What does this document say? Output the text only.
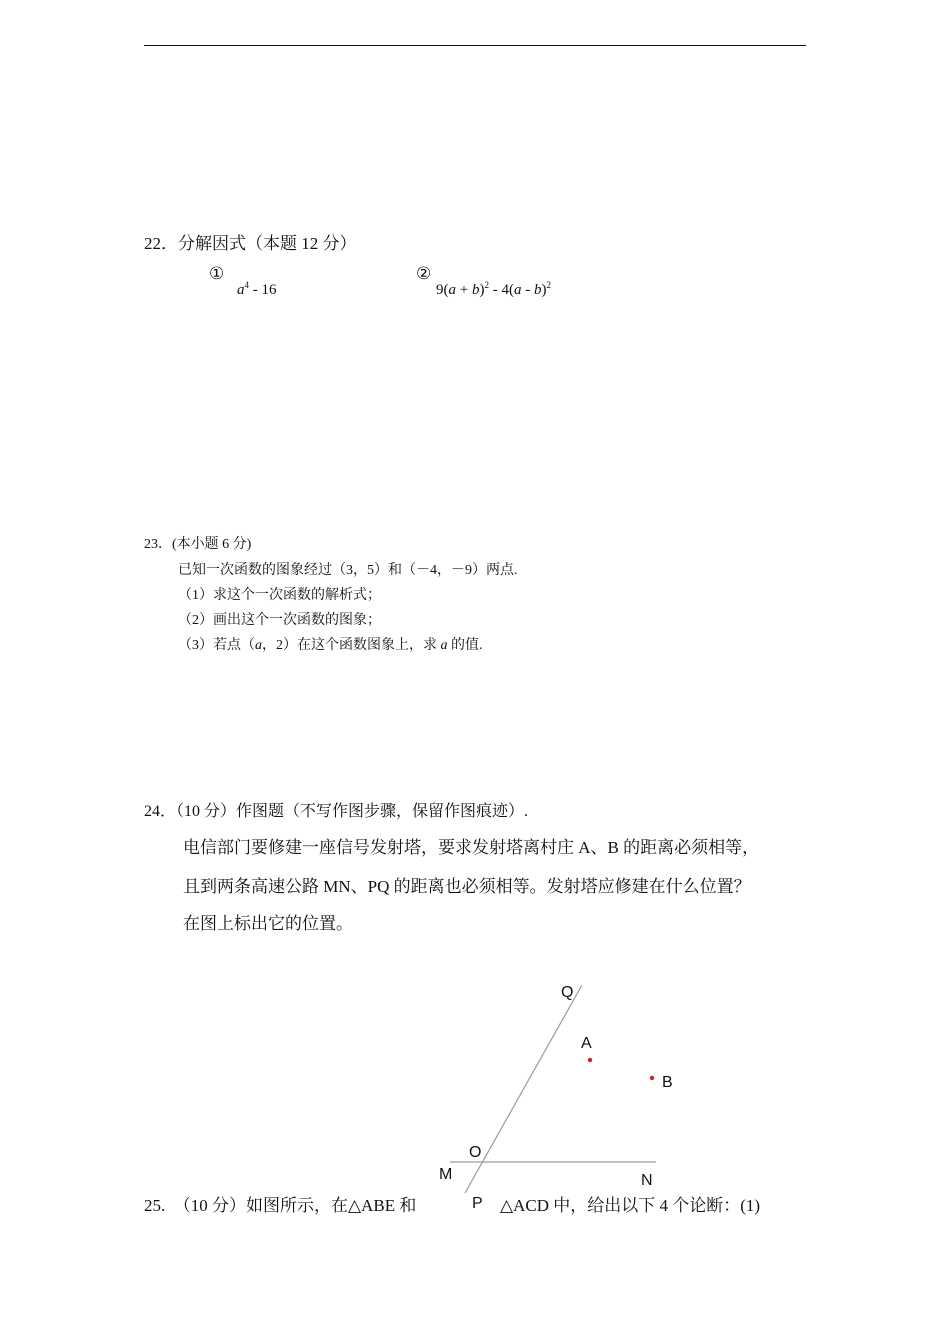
22．分解因式（本题 12 分）
①
$a^4 - 16$
②
$9(a + b)^2 - 4(a - b)^2$
23．(本小题 6 分)
已知一次函数的图象经过（3，5）和（－4，－9）两点.
（1）求这个一次函数的解析式；
（2）画出这个一次函数的图象；
（3）若点（a，2）在这个函数图象上，求 a 的值.
24．（10 分）作图题（不写作图步骤，保留作图痕迹）.
电信部门要修建一座信号发射塔，要求发射塔离村庄 A、B 的距离必须相等，
且到两条高速公路 MN、PQ 的距离也必须相等。发射塔应修建在什么位置？
在图上标出它的位置。
Q
A
B
O
M	N
P
25.　（10 分）如图所示，在△ABE 和	△ACD 中，给出以下 4 个论断：(1)
